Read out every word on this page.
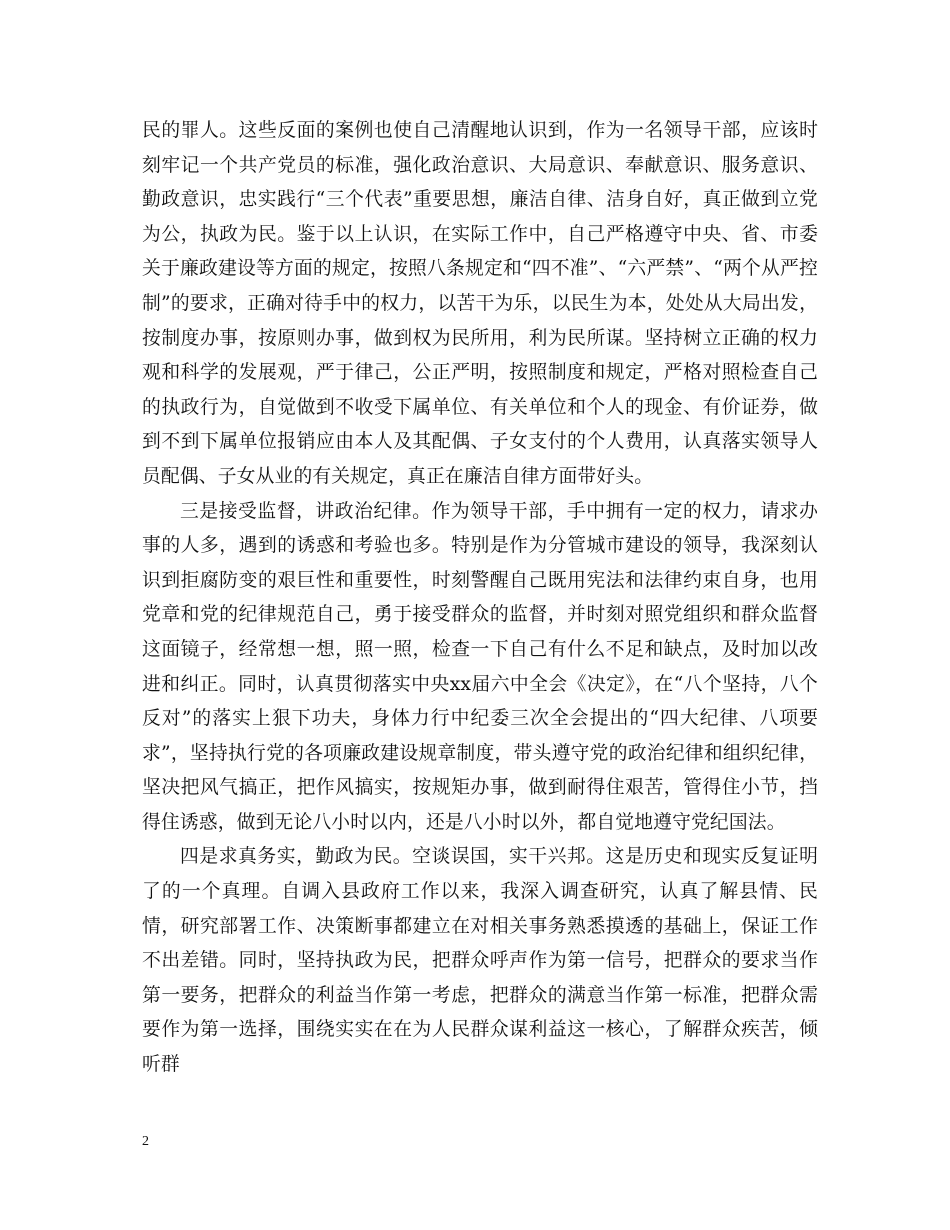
民的罪人。这些反面的案例也使自己清醒地认识到，作为一名领导干部，应该时刻牢记一个共产党员的标准，强化政治意识、大局意识、奉献意识、服务意识、勤政意识，忠实践行“三个代表”重要思想，廉洁自律、洁身自好，真正做到立党为公，执政为民。鉴于以上认识，在实际工作中，自己严格遵守中央、省、市委关于廉政建设等方面的规定，按照八条规定和“四不准”、“六严禁”、“两个从严控制”的要求，正确对待手中的权力，以苦干为乐，以民生为本，处处从大局出发，按制度办事，按原则办事，做到权为民所用，利为民所谋。坚持树立正确的权力观和科学的发展观，严于律己，公正严明，按照制度和规定，严格对照检查自己的执政行为，自觉做到不收受下属单位、有关单位和个人的现金、有价证券，做到不到下属单位报销应由本人及其配偶、子女支付的个人费用，认真落实领导人员配偶、子女从业的有关规定，真正在廉洁自律方面带好头。

三是接受监督，讲政治纪律。作为领导干部，手中拥有一定的权力，请求办事的人多，遇到的诱惑和考验也多。特别是作为分管城市建设的领导，我深刻认识到拒腐防变的艰巨性和重要性，时刻警醒自己既用宪法和法律约束自身，也用党章和党的纪律规范自己，勇于接受群众的监督，并时刻对照党组织和群众监督这面镜子，经常想一想，照一照，检查一下自己有什么不足和缺点，及时加以改进和纠正。同时，认真贯彻落实中央xx届六中全会《决定》，在“八个坚持，八个反对”的落实上狠下功夫，身体力行中纪委三次全会提出的“四大纪律、八项要求”，坚持执行党的各项廉政建设规章制度，带头遵守党的政治纪律和组织纪律，坚决把风气搞正，把作风搞实，按规矩办事，做到耐得住艰苦，管得住小节，挡得住诱惑，做到无论八小时以内，还是八小时以外，都自觉地遵守党纪国法。

四是求真务实，勤政为民。空谈误国，实干兴邦。这是历史和现实反复证明了的一个真理。自调入县政府工作以来，我深入调查研究，认真了解县情、民情，研究部署工作、决策断事都建立在对相关事务熟悉摸透的基础上，保证工作不出差错。同时，坚持执政为民，把群众呼声作为第一信号，把群众的要求当作第一要务，把群众的利益当作第一考虑，把群众的满意当作第一标准，把群众需要作为第一选择，围绕实实在在为人民群众谋利益这一核心，了解群众疾苦，倾听群

2
